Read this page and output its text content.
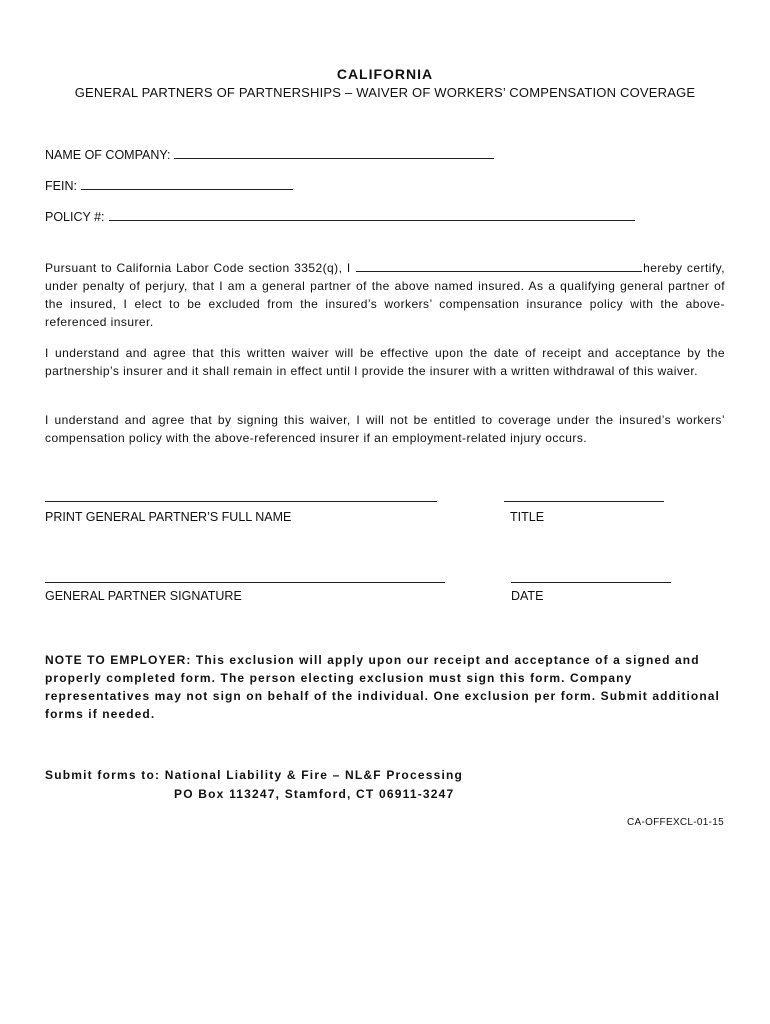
CALIFORNIA
GENERAL PARTNERS OF PARTNERSHIPS – WAIVER OF WORKERS’ COMPENSATION COVERAGE
NAME OF COMPANY:
FEIN:
POLICY #:
Pursuant to California Labor Code section 3352(q), I	hereby certify, under penalty of perjury, that I am a general partner of the above named insured. As a qualifying general partner of the insured, I elect to be excluded from the insured’s workers’ compensation insurance policy with the above-referenced insurer.
I understand and agree that this written waiver will be effective upon the date of receipt and acceptance by the partnership’s insurer and it shall remain in effect until I provide the insurer with a written withdrawal of this waiver.
I understand and agree that by signing this waiver, I will not be entitled to coverage under the insured’s workers’ compensation policy with the above-referenced insurer if an employment-related injury occurs.
PRINT GENERAL PARTNER’S FULL NAME	TITLE
GENERAL PARTNER SIGNATURE	DATE
NOTE TO EMPLOYER: This exclusion will apply upon our receipt and acceptance of a signed and properly completed form. The person electing exclusion must sign this form. Company representatives may not sign on behalf of the individual. One exclusion per form. Submit additional forms if needed.
Submit forms to: National Liability & Fire – NL&F Processing
PO Box 113247, Stamford, CT 06911-3247
CA-OFFEXCL-01-15
